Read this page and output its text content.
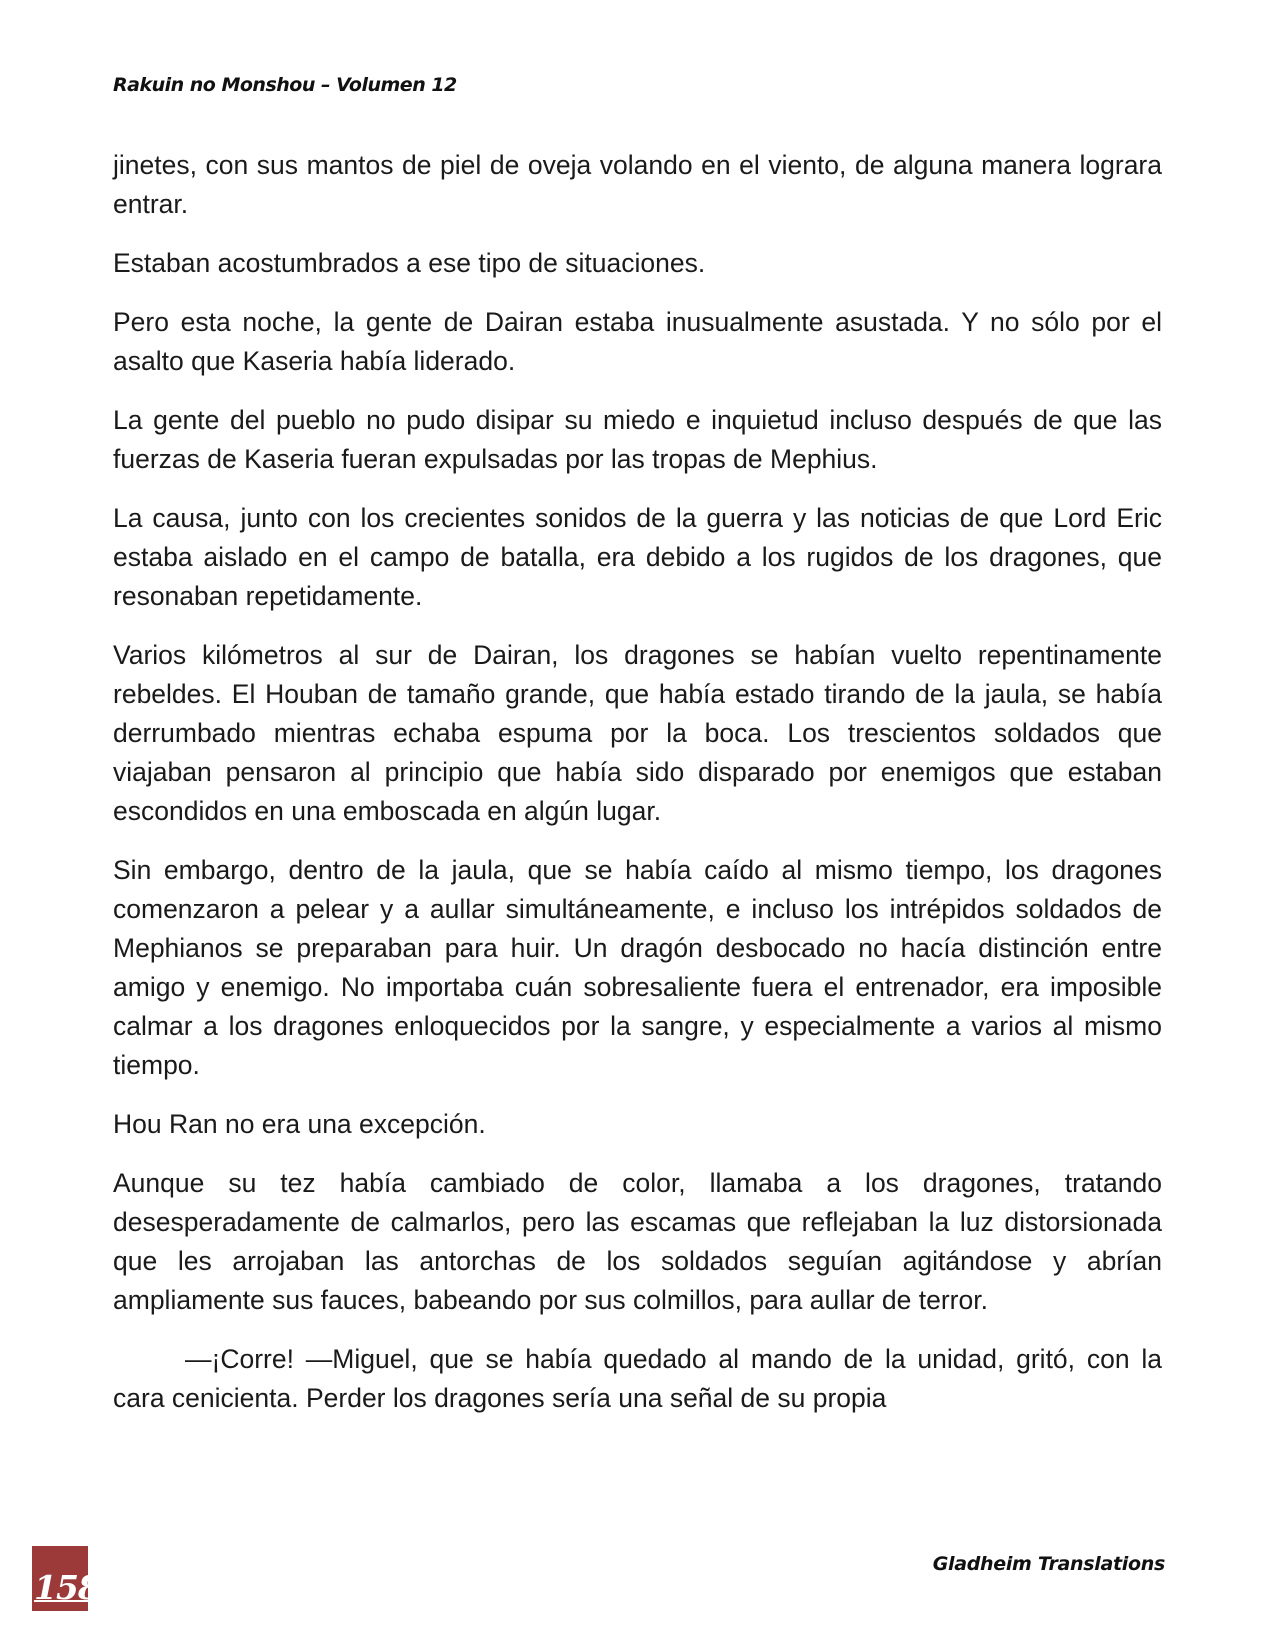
Rakuin no Monshou – Volumen 12

jinetes, con sus mantos de piel de oveja volando en el viento, de alguna manera lograra entrar.

Estaban acostumbrados a ese tipo de situaciones.

Pero esta noche, la gente de Dairan estaba inusualmente asustada. Y no sólo por el asalto que Kaseria había liderado.

La gente del pueblo no pudo disipar su miedo e inquietud incluso después de que las fuerzas de Kaseria fueran expulsadas por las tropas de Mephius.

La causa, junto con los crecientes sonidos de la guerra y las noticias de que Lord Eric estaba aislado en el campo de batalla, era debido a los rugidos de los dragones, que resonaban repetidamente.

Varios kilómetros al sur de Dairan, los dragones se habían vuelto repentinamente rebeldes. El Houban de tamaño grande, que había estado tirando de la jaula, se había derrumbado mientras echaba espuma por la boca. Los trescientos soldados que viajaban pensaron al principio que había sido disparado por enemigos que estaban escondidos en una emboscada en algún lugar.

Sin embargo, dentro de la jaula, que se había caído al mismo tiempo, los dragones comenzaron a pelear y a aullar simultáneamente, e incluso los intrépidos soldados de Mephianos se preparaban para huir. Un dragón desbocado no hacía distinción entre amigo y enemigo. No importaba cuán sobresaliente fuera el entrenador, era imposible calmar a los dragones enloquecidos por la sangre, y especialmente a varios al mismo tiempo.

Hou Ran no era una excepción.

Aunque su tez había cambiado de color, llamaba a los dragones, tratando desesperadamente de calmarlos, pero las escamas que reflejaban la luz distorsionada que les arrojaban las antorchas de los soldados seguían agitándose y abrían ampliamente sus fauces, babeando por sus colmillos, para aullar de terror.

—¡Corre! —Miguel, que se había quedado al mando de la unidad, gritó, con la cara cenicienta. Perder los dragones sería una señal de su propia

158
Gladheim Translations
